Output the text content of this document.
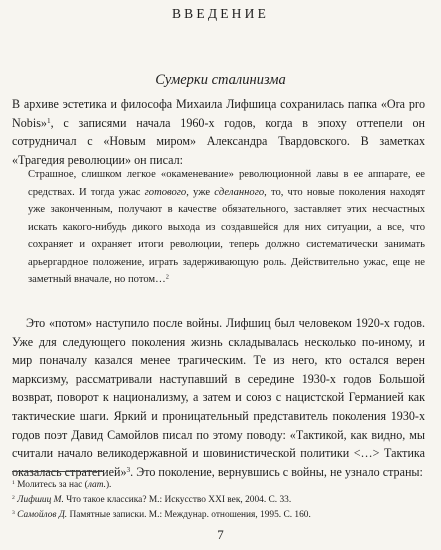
ВВЕДЕНИЕ
Сумерки сталинизма

В архиве эстетика и философа Михаила Лифшица сохранилась папка «Ora pro Nobis»$^1$, с записями начала 1960-х годов, когда в эпоху оттепели он сотрудничал с «Новым миром» Александра Твардовского. В заметках «Трагедия революции» он писал:

Страшное, слишком легкое «окаменевание» революционной лавы в ее аппарате, ее средствах. И тогда ужас готового, уже сделанного, то, что новые поколения находят уже законченным, получают в качестве обязательного, заставляет этих несчастных искать какого-нибудь дикого выхода из создавшейся для них ситуации, а все, что сохраняет и охраняет итоги революции, теперь должно систематически занимать арьергардное положение, играть задерживающую роль. Действительно ужас, еще не заметный вначале, но потом…$^2$

Это «потом» наступило после войны. Лифшиц был человеком 1920-х годов. Уже для следующего поколения жизнь складывалась несколько по-иному, и мир поначалу казался менее трагическим. Те из него, кто остался верен марксизму, рассматривали наступавший в середине 1930-х годов Большой возврат, поворот к национализму, а затем и союз с нацистской Германией как тактические шаги. Яркий и проницательный представитель поколения 1930-х годов поэт Давид Самойлов писал по этому поводу: «Тактикой, как видно, мы считали начало великодержавной и шовинистической политики <…> Тактика оказалась стратегией»$^3$. Это поколение, вернувшись с войны, не узнало страны:

$^1$ Молитесь за нас (лат.).
$^2$ Лифшиц М. Что такое классика? М.: Искусство XXI век, 2004. С. 33.
$^3$ Самойлов Д. Памятные записки. М.: Междунар. отношения, 1995. С. 160.
7
